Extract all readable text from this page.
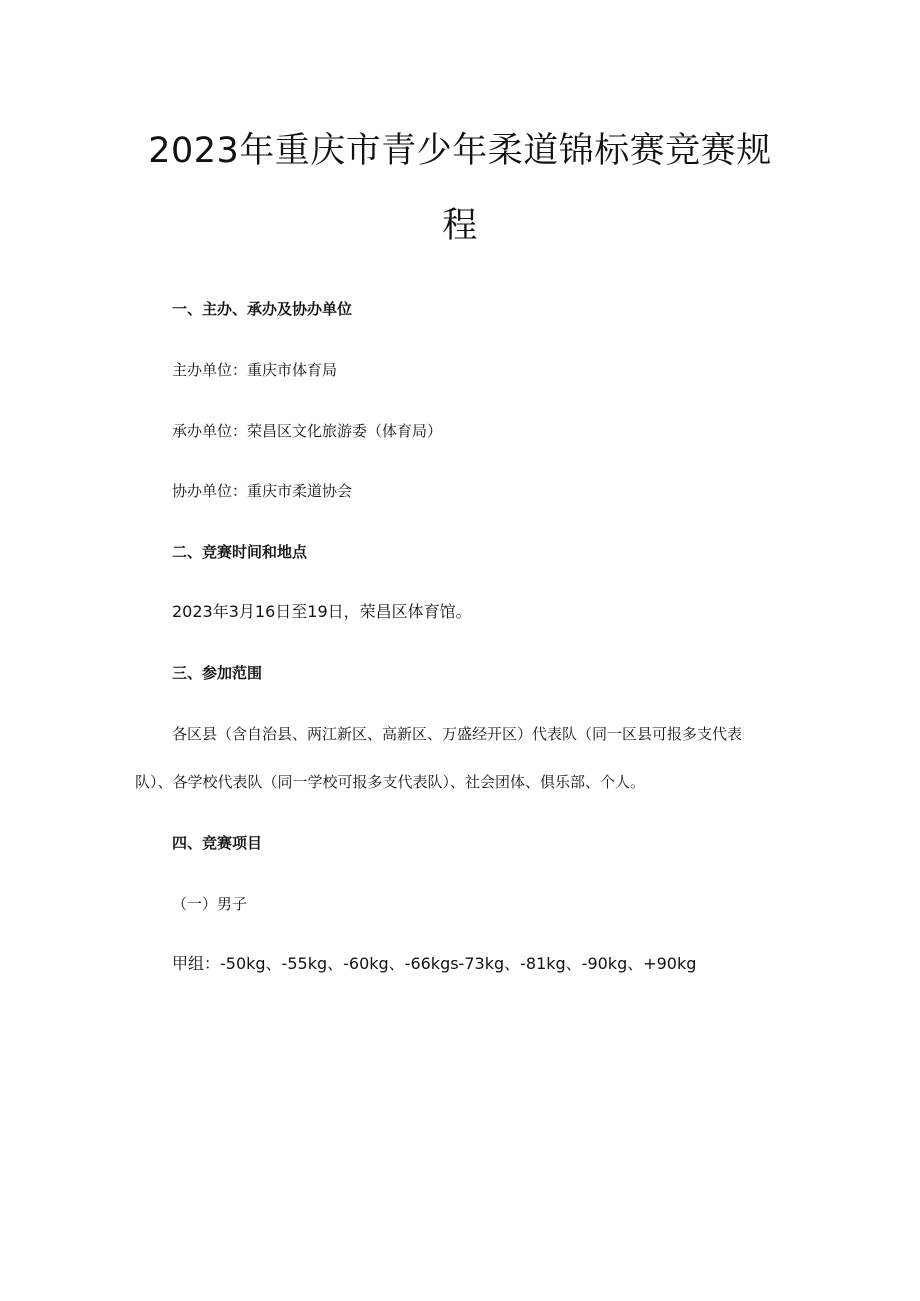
2023年重庆市青少年柔道锦标赛竞赛规
程
一、主办、承办及协办单位
主办单位：重庆市体育局
承办单位：荣昌区文化旅游委（体育局）
协办单位：重庆市柔道协会
二、竞赛时间和地点
2023年3月16日至19日，荣昌区体育馆。
三、参加范围
各区县（含自治县、两江新区、高新区、万盛经开区）代表队（同一区县可报多支代表
队）、各学校代表队（同一学校可报多支代表队）、社会团体、俱乐部、个人。
四、竞赛项目
（一）男子
甲组：-50kg、-55kg、-60kg、-66kgs-73kg、-81kg、-90kg、+90kg
